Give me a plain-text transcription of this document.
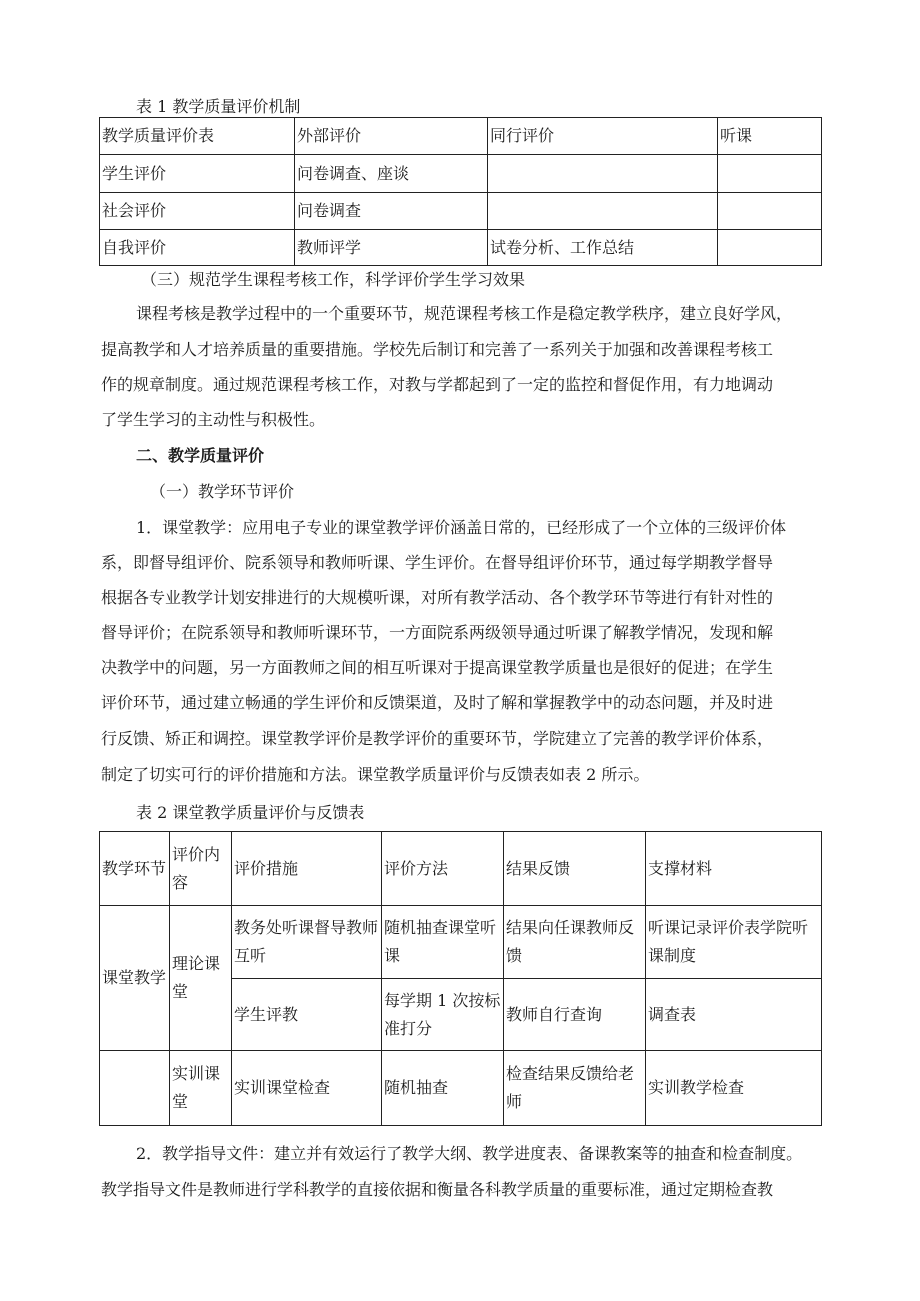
表 1 教学质量评价机制
教学质量评价表	外部评价	同行评价	听课
学生评价	问卷调查、座谈		
社会评价	问卷调查		
自我评价	教师评学	试卷分析、工作总结	
（三）规范学生课程考核工作，科学评价学生学习效果
课程考核是教学过程中的一个重要环节，规范课程考核工作是稳定教学秩序，建立良好学风，
提高教学和人才培养质量的重要措施。学校先后制订和完善了一系列关于加强和改善课程考核工
作的规章制度。通过规范课程考核工作，对教与学都起到了一定的监控和督促作用，有力地调动
了学生学习的主动性与积极性。
二、教学质量评价
（一）教学环节评价
1．课堂教学：应用电子专业的课堂教学评价涵盖日常的，已经形成了一个立体的三级评价体
系，即督导组评价、院系领导和教师听课、学生评价。在督导组评价环节，通过每学期教学督导
根据各专业教学计划安排进行的大规模听课，对所有教学活动、各个教学环节等进行有针对性的
督导评价；在院系领导和教师听课环节，一方面院系两级领导通过听课了解教学情况，发现和解
决教学中的问题，另一方面教师之间的相互听课对于提高课堂教学质量也是很好的促进；在学生
评价环节，通过建立畅通的学生评价和反馈渠道，及时了解和掌握教学中的动态问题，并及时进
行反馈、矫正和调控。课堂教学评价是教学评价的重要环节，学院建立了完善的教学评价体系，
制定了切实可行的评价措施和方法。课堂教学质量评价与反馈表如表 2 所示。
表 2 课堂教学质量评价与反馈表
教学环节	评价内容	评价措施	评价方法	结果反馈	支撑材料
课堂教学	理论课堂	教务处听课督导教师互听	随机抽查课堂听课	结果向任课教师反馈	听课记录评价表学院听课制度
		学生评教	每学期 1 次按标准打分	教师自行查询	调查表
	实训课堂	实训课堂检查	随机抽查	检查结果反馈给老师	实训教学检查
2．教学指导文件：建立并有效运行了教学大纲、教学进度表、备课教案等的抽查和检查制度。
教学指导文件是教师进行学科教学的直接依据和衡量各科教学质量的重要标准，通过定期检查教
